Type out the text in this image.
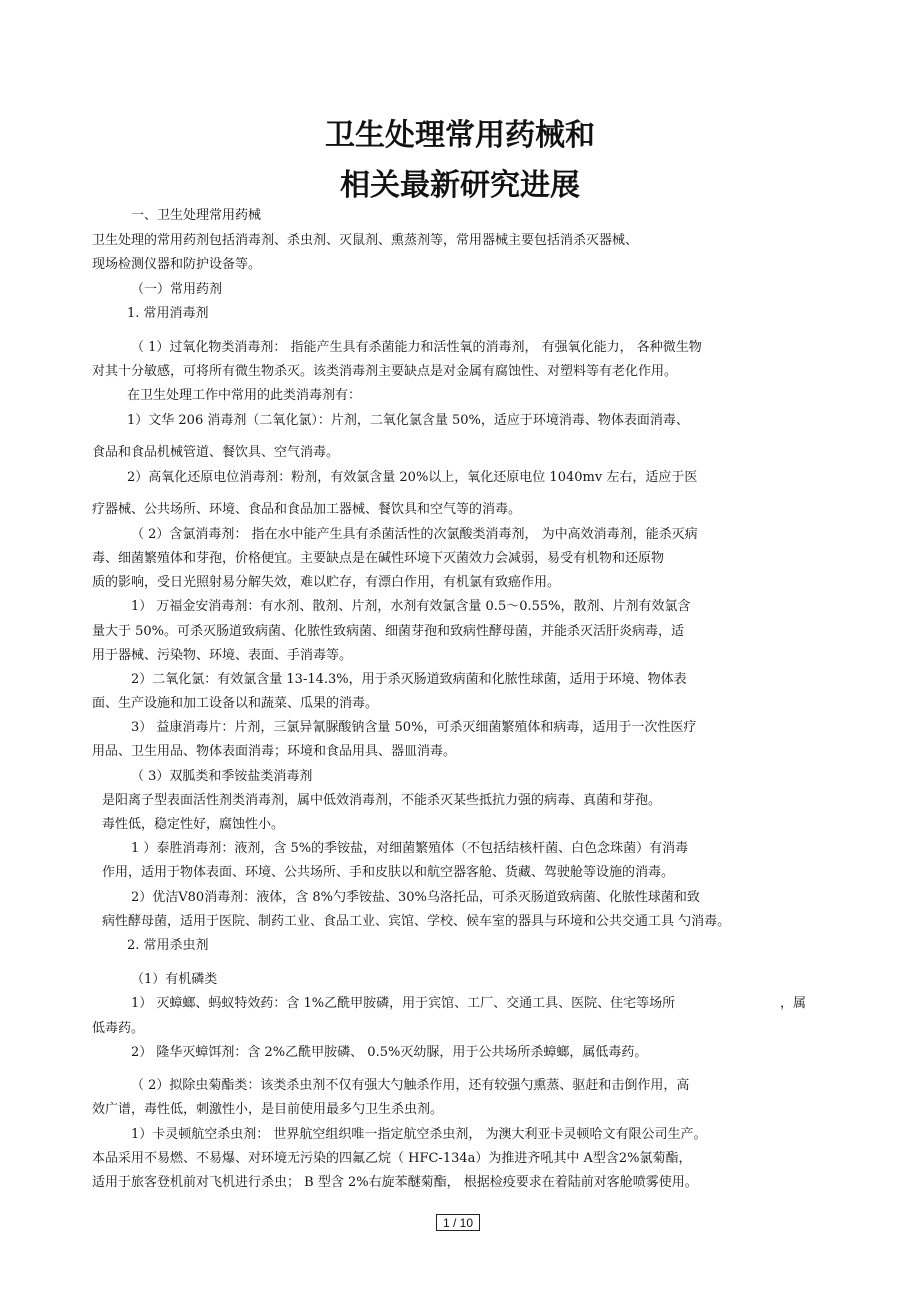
卫生处理常用药械和
相关最新研究进展
一、卫生处理常用药械
卫生处理的常用药剂包括消毒剂、杀虫剂、灭鼠剂、熏蒸剂等，常用器械主要包括消杀灭器械、
现场检测仪器和防护设备等。
（一）常用药剂
1. 常用消毒剂
（ 1）过氧化物类消毒剂： 指能产生具有杀菌能力和活性氧的消毒剂， 有强氧化能力， 各种微生物
对其十分敏感，可将所有微生物杀灭。该类消毒剂主要缺点是对金属有腐蚀性、对塑料等有老化作用。
在卫生处理工作中常用的此类消毒剂有：
1）文华 206 消毒剂（二氧化氯）：片剂，二氧化氯含量 50%，适应于环境消毒、物体表面消毒、
食品和食品机械管道、餐饮具、空气消毒。
2）高氧化还原电位消毒剂：粉剂，有效氯含量 20%以上，氧化还原电位 1040mv 左右，适应于医
疗器械、公共场所、环境、食品和食品加工器械、餐饮具和空气等的消毒。
（ 2）含氯消毒剂： 指在水中能产生具有杀菌活性的次氯酸类消毒剂， 为中高效消毒剂，能杀灭病
毒、细菌繁殖体和芽孢，价格便宜。主要缺点是在碱性环境下灭菌效力会减弱，易受有机物和还原物
质的影响，受日光照射易分解失效，难以贮存，有漂白作用，有机氯有致癌作用。
1） 万福金安消毒剂：有水剂、散剂、片剂，水剂有效氯含量 0.5～0.55%，散剂、片剂有效氯含
量大于 50%。可杀灭肠道致病菌、化脓性致病菌、细菌芽孢和致病性酵母菌，并能杀灭活肝炎病毒，适
用于器械、污染物、环境、表面、手消毒等。
2）二氧化氯：有效氯含量 13-14.3%，用于杀灭肠道致病菌和化脓性球菌，适用于环境、物体表
面、生产设施和加工设备以和蔬菜、瓜果的消毒。
3） 益康消毒片：片剂，三氯异氰脲酸钠含量 50%，可杀灭细菌繁殖体和病毒，适用于一次性医疗
用品、卫生用品、物体表面消毒；环境和食品用具、器皿消毒。
（ 3）双胍类和季铵盐类消毒剂
是阳离子型表面活性剂类消毒剂，属中低效消毒剂，不能杀灭某些抵抗力强的病毒、真菌和芽孢。
毒性低，稳定性好，腐蚀性小。
1 ）泰胜消毒剂：液剂，含 5%的季铵盐，对细菌繁殖体（不包括结核杆菌、白色念珠菌）有消毒
作用，适用于物体表面、环境、公共场所、手和皮肤以和航空器客舱、货藏、驾驶舱等设施的消毒。
2）优洁V80消毒剂：液体，含 8%勺季铵盐、30%乌洛托品，可杀灭肠道致病菌、化脓性球菌和致
病性酵母菌，适用于医院、制药工业、食品工业、宾馆、学校、候车室的器具与环境和公共交通工具 勺消毒。
2. 常用杀虫剂
（1）有机磷类
1） 灭蟑螂、蚂蚁特效药：含 1%乙酰甲胺磷，用于宾馆、工厂、交通工具、医院、住宅等场所	，属
低毒药。
2） 隆华灭蟑饵剂：含 2%乙酰甲胺磷、 0.5%灭幼脲，用于公共场所杀蟑螂，属低毒药。
（ 2）拟除虫菊酯类：该类杀虫剂不仅有强大勺触杀作用，还有较强勺熏蒸、驱赶和击倒作用，高
效广谱，毒性低，刺激性小，是目前使用最多勺卫生杀虫剂。
1）卡灵顿航空杀虫剂： 世界航空组织唯一指定航空杀虫剂， 为澳大利亚卡灵顿哈文有限公司生产。
本品采用不易燃、不易爆、对环境无污染的四氟乙烷（ HFC-134a）为推进齐吼其中 A型含2%氯菊酯，
适用于旅客登机前对飞机进行杀虫； B 型含 2%右旋苯醚菊酯， 根据检疫要求在着陆前对客舱喷雾使用。
1 / 10
